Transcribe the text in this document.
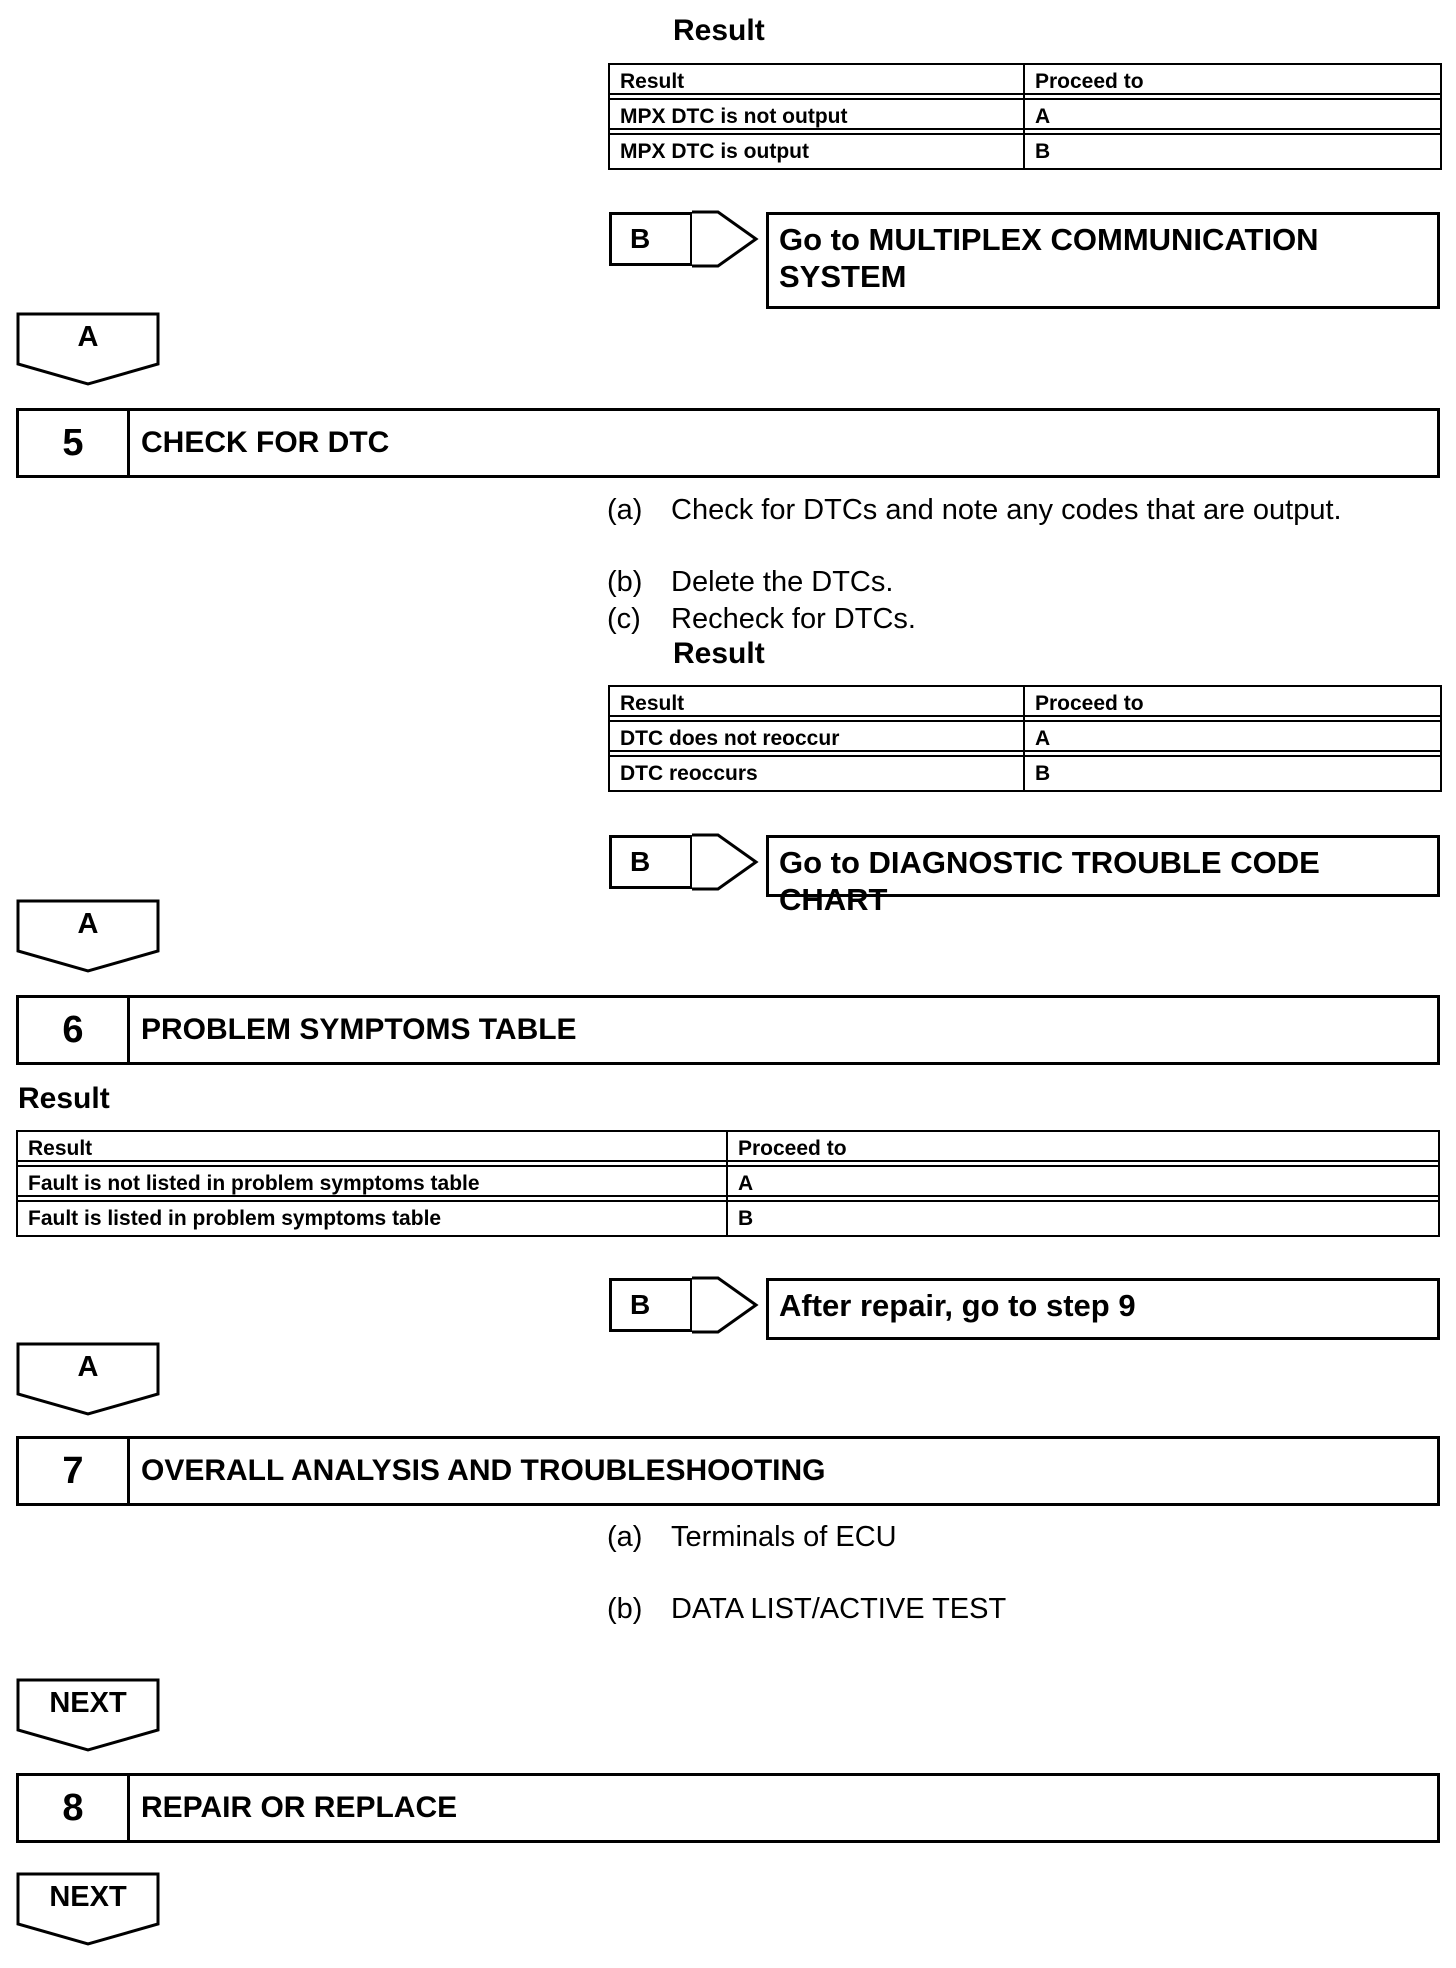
Result
Result	Proceed to
MPX DTC is not output	A
MPX DTC is output	B
B	Go to MULTIPLEX COMMUNICATION SYSTEM
A
5	CHECK FOR DTC
(a) Check for DTCs and note any codes that are output.
(b) Delete the DTCs.
(c) Recheck for DTCs.
Result
Result	Proceed to
DTC does not reoccur	A
DTC reoccurs	B
B	Go to DIAGNOSTIC TROUBLE CODE CHART
A
6	PROBLEM SYMPTOMS TABLE
Result
Result	Proceed to
Fault is not listed in problem symptoms table	A
Fault is listed in problem symptoms table	B
B	After repair, go to step 9
A
7	OVERALL ANALYSIS AND TROUBLESHOOTING
(a) Terminals of ECU
(b) DATA LIST/ACTIVE TEST
NEXT
8	REPAIR OR REPLACE
NEXT
